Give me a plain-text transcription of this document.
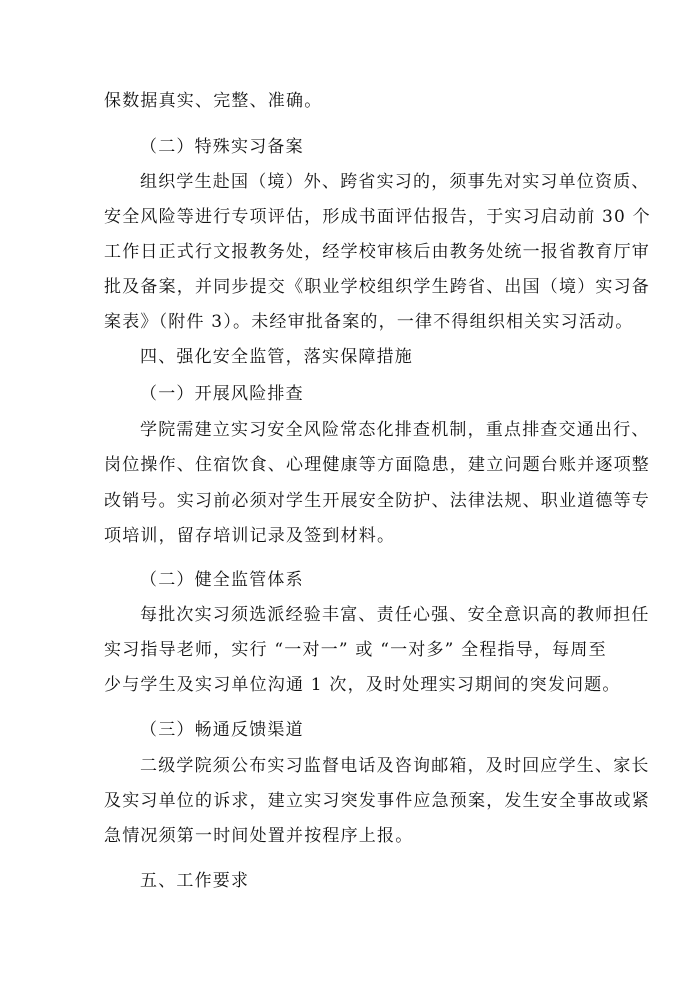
保数据真实、完整、准确。
（二）特殊实习备案
组织学生赴国（境）外、跨省实习的，须事先对实习单位资质、
安全风险等进行专项评估，形成书面评估报告，于实习启动前 30 个
工作日正式行文报教务处，经学校审核后由教务处统一报省教育厅审
批及备案，并同步提交《职业学校组织学生跨省、出国（境）实习备
案表》（附件 3）。未经审批备案的，一律不得组织相关实习活动。
四、强化安全监管，落实保障措施
（一）开展风险排查
学院需建立实习安全风险常态化排查机制，重点排查交通出行、
岗位操作、住宿饮食、心理健康等方面隐患，建立问题台账并逐项整
改销号。实习前必须对学生开展安全防护、法律法规、职业道德等专
项培训，留存培训记录及签到材料。
（二）健全监管体系
每批次实习须选派经验丰富、责任心强、安全意识高的教师担任
实习指导老师，实行 “一对一” 或 “一对多” 全程指导，每周至
少与学生及实习单位沟通 1 次，及时处理实习期间的突发问题。
（三）畅通反馈渠道
二级学院须公布实习监督电话及咨询邮箱，及时回应学生、家长
及实习单位的诉求，建立实习突发事件应急预案，发生安全事故或紧
急情况须第一时间处置并按程序上报。
五、工作要求
